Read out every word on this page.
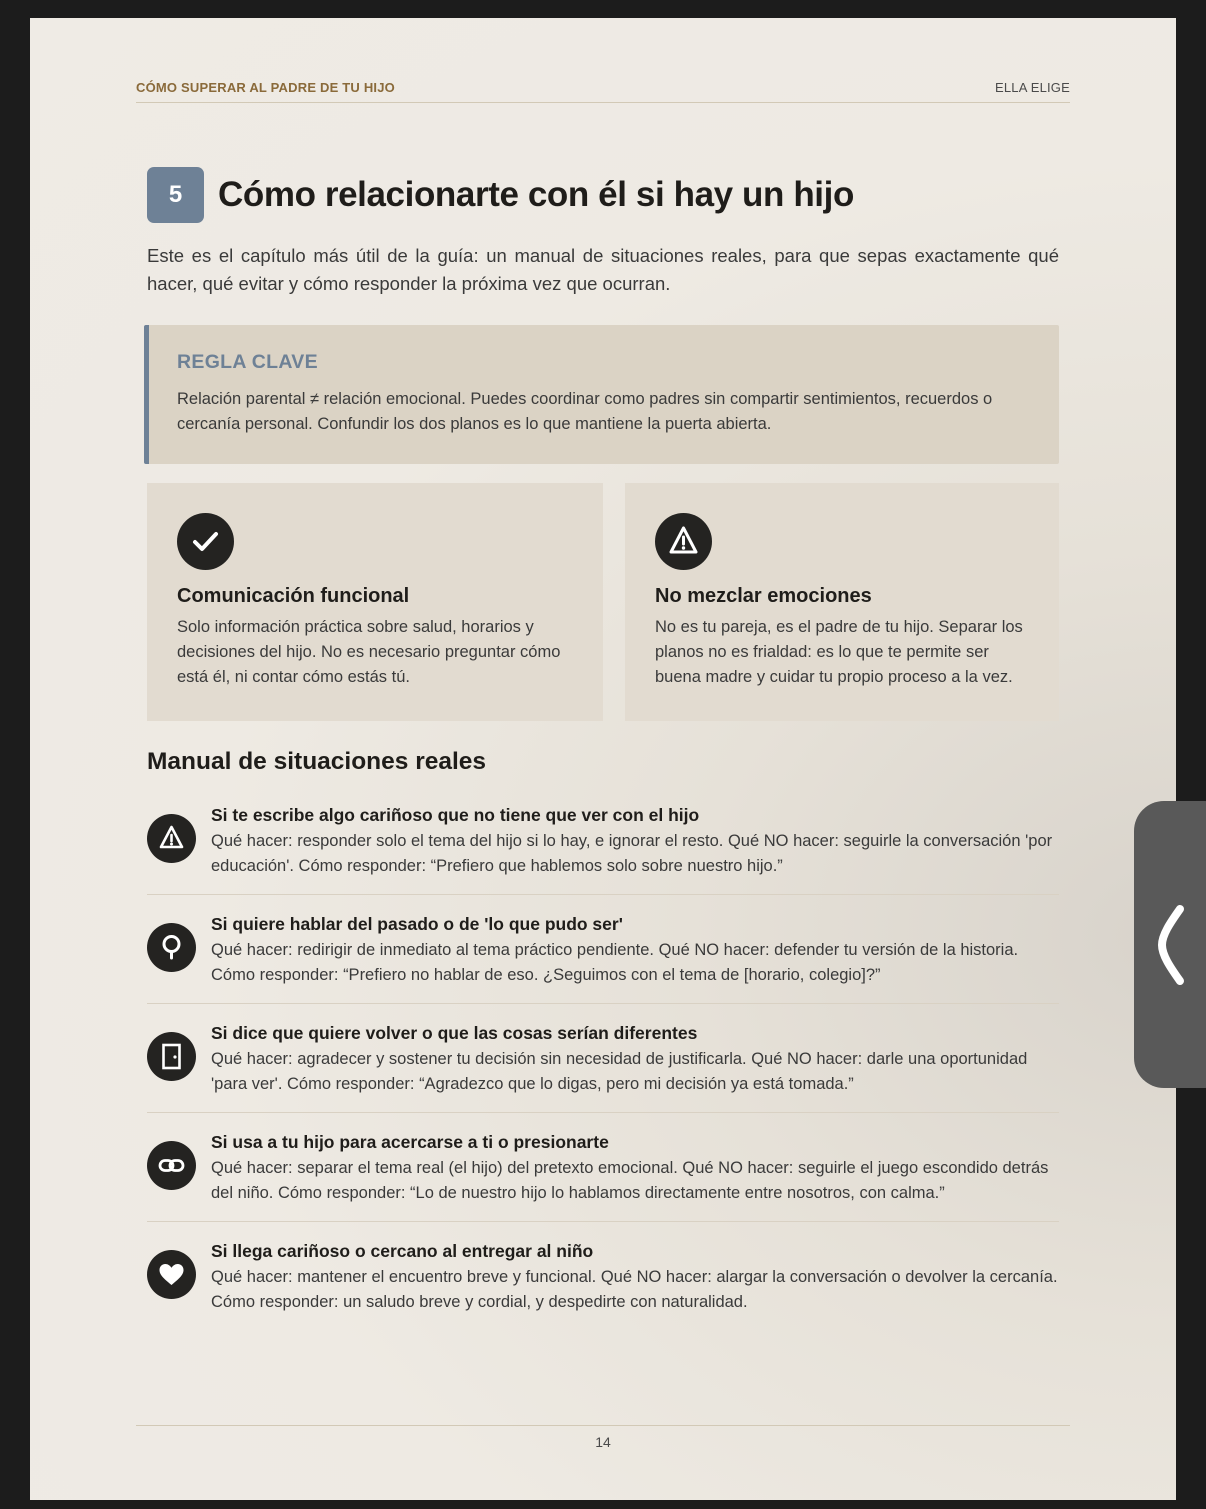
CÓMO SUPERAR AL PADRE DE TU HIJO	ELLA ELIGE
5	Cómo relacionarte con él si hay un hijo

Este es el capítulo más útil de la guía: un manual de situaciones reales, para que sepas exactamente qué hacer, qué evitar y cómo responder la próxima vez que ocurran.

REGLA CLAVE

Relación parental ≠ relación emocional. Puedes coordinar como padres sin compartir sentimientos, recuerdos o cercanía personal. Confundir los dos planos es lo que mantiene la puerta abierta.

Comunicación funcional

Solo información práctica sobre salud, horarios y decisiones del hijo. No es necesario preguntar cómo está él, ni contar cómo estás tú.

No mezclar emociones

No es tu pareja, es el padre de tu hijo. Separar los planos no es frialdad: es lo que te permite ser buena madre y cuidar tu propio proceso a la vez.

Manual de situaciones reales
Si te escribe algo cariñoso que no tiene que ver con el hijo

Qué hacer: responder solo el tema del hijo si lo hay, e ignorar el resto. Qué NO hacer: seguirle la conversación 'por educación'. Cómo responder: “Prefiero que hablemos solo sobre nuestro hijo.”

Si quiere hablar del pasado o de 'lo que pudo ser'

Qué hacer: redirigir de inmediato al tema práctico pendiente. Qué NO hacer: defender tu versión de la historia. Cómo responder: “Prefiero no hablar de eso. ¿Seguimos con el tema de [horario, colegio]?”

Si dice que quiere volver o que las cosas serían diferentes

Qué hacer: agradecer y sostener tu decisión sin necesidad de justificarla. Qué NO hacer: darle una oportunidad 'para ver'. Cómo responder: “Agradezco que lo digas, pero mi decisión ya está tomada.”

Si usa a tu hijo para acercarse a ti o presionarte

Qué hacer: separar el tema real (el hijo) del pretexto emocional. Qué NO hacer: seguirle el juego escondido detrás del niño. Cómo responder: “Lo de nuestro hijo lo hablamos directamente entre nosotros, con calma.”

Si llega cariñoso o cercano al entregar al niño

Qué hacer: mantener el encuentro breve y funcional. Qué NO hacer: alargar la conversación o devolver la cercanía. Cómo responder: un saludo breve y cordial, y despedirte con naturalidad.

14
